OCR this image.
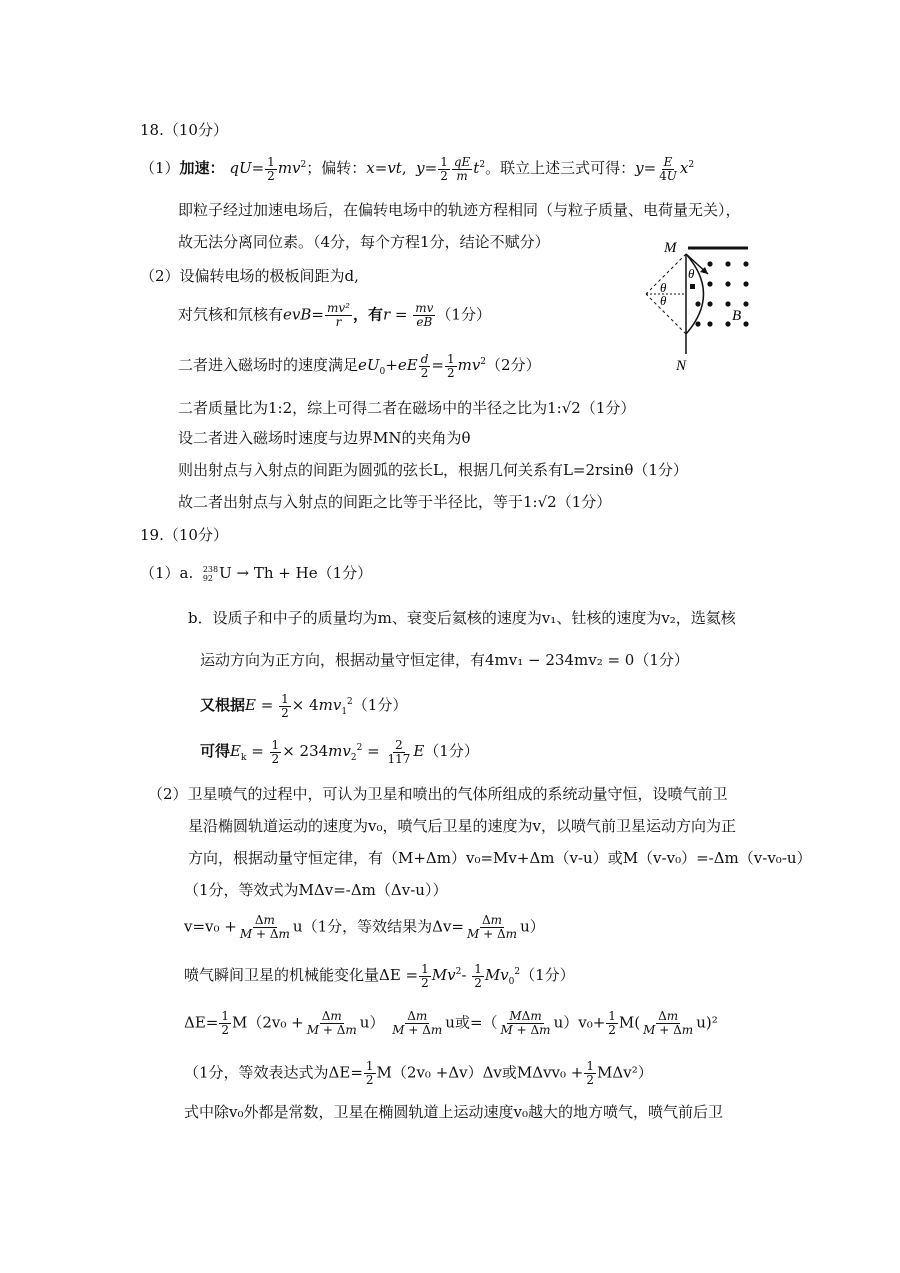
18.（10分）
（1）加速： $qU= \frac{1}{2} mv^2$；偏转：x=vt,  $y= \frac{1}{2} \frac{qE}{m} t^2$。联立上述三式可得：$y= \frac{E}{4U} x^2$
即粒子经过加速电场后，在偏转电场中的轨迹方程相同（与粒子质量、电荷量无关），
故无法分离同位素。（4分，每个方程1分，结论不赋分）
（2）设偏转电场的极板间距为d,
对氕核和氘核有$evB= \frac{\text{mv²}}{r}$ ，有$r = \frac{mv}{eB} (1$分）
二者进入磁场时的速度满足$eU_0+eE \frac{d}{2} = \frac{1}{2} mv^2(2$分）
二者质量比为1:2，综上可得二者在磁场中的半径之比为1:√2（1分）
设二者进入磁场时速度与边界MN的夹角为θ
则出射点与入射点的间距为圆弧的弦长L，根据几何关系有L=2rsinθ（1分）
故二者出射点与入射点的间距之比等于半径比，等于1:√2（1分）
M
θ
θ
θ
B
N
19.（10分）
（1）a. 238
92 U → Th + He（1分）
b．设质子和中子的质量均为m、衰变后氦核的速度为v₁、钍核的速度为v₂，选氦核
运动方向为正方向，根据动量守恒定律，有4mv₁ − 234mv₂ = 0（1分）
又根据$E = \frac{1}{2} \times 4mv_1^2(1$分）
可得$E_k = \frac{1}{2} \times 234mv_2^2 = \frac{2}{117} E(1$分）
（2）卫星喷气的过程中，可认为卫星和喷出的气体所组成的系统动量守恒，设喷气前卫
星沿椭圆轨道运动的速度为v₀，喷气后卫星的速度为v，以喷气前卫星运动方向为正
方向，根据动量守恒定律，有（M+Δm）v₀=Mv+Δm（v-u）或M（v-v₀）=-Δm（v-v₀-u）
（1分，等效式为MΔv=-Δm（Δv-u））
$v=v_0 + \frac{\Delta m}{M + \Delta m} u(1$分，等效结果为$\Delta v= \frac{\Delta m}{M + \Delta m} u$）
喷气瞬间卫星的机械能变化量$\Delta E = \frac{1}{2} Mv^2- \frac{1}{2} Mv_0^2(1$分）
$\Delta E= \frac{1}{2} M(2v_0 + \frac{\Delta m}{M + \Delta m} u) \frac{\Delta m}{M + \Delta m}$ u或=（ $\frac{\text{MΔm}}{M + \Delta m} u)v_0+ \frac{1}{2} M( \frac{\Delta m}{M + \Delta m} u)^2$
（1分，等效表达式为$\Delta E= \frac{1}{2} M(2v_0 +\Delta v)\Delta v$或$M\Delta vv_0 + \frac{1}{2} M\Delta v^2$）
式中除v₀外都是常数，卫星在椭圆轨道上运动速度v₀越大的地方喷气，喷气前后卫
